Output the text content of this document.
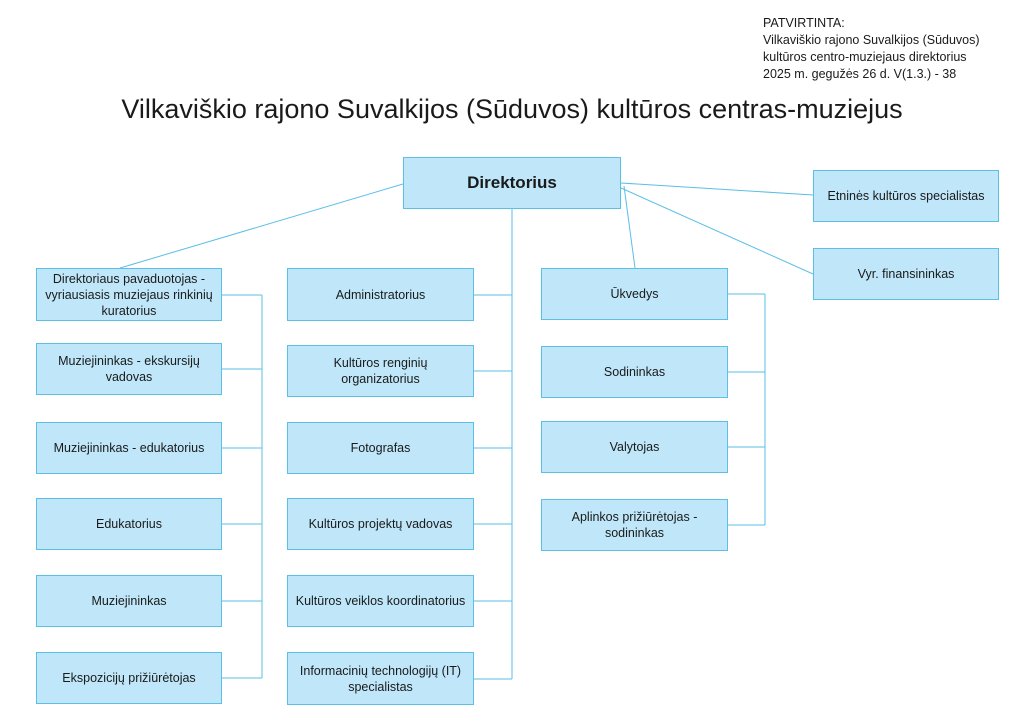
PATVIRTINTA:
Vilkaviškio rajono Suvalkijos (Sūduvos)
kultūros centro-muziejaus direktorius
2025 m. gegužės 26 d. V(1.3.) - 38
Vilkaviškio rajono Suvalkijos (Sūduvos) kultūros centras-muziejus
Direktorius
Etninės kultūros specialistas
Vyr. finansininkas
Direktoriaus pavaduotojas - vyriausiasis muziejaus rinkinių kuratorius
Muziejininkas - ekskursijų vadovas
Muziejininkas - edukatorius
Edukatorius
Muziejininkas
Ekspozicijų prižiūrėtojas
Administratorius
Kultūros renginių organizatorius
Fotografas
Kultūros projektų vadovas
Kultūros veiklos koordinatorius
Informacinių technologijų (IT) specialistas
Ūkvedys
Sodininkas
Valytojas
Aplinkos prižiūrėtojas - sodininkas
